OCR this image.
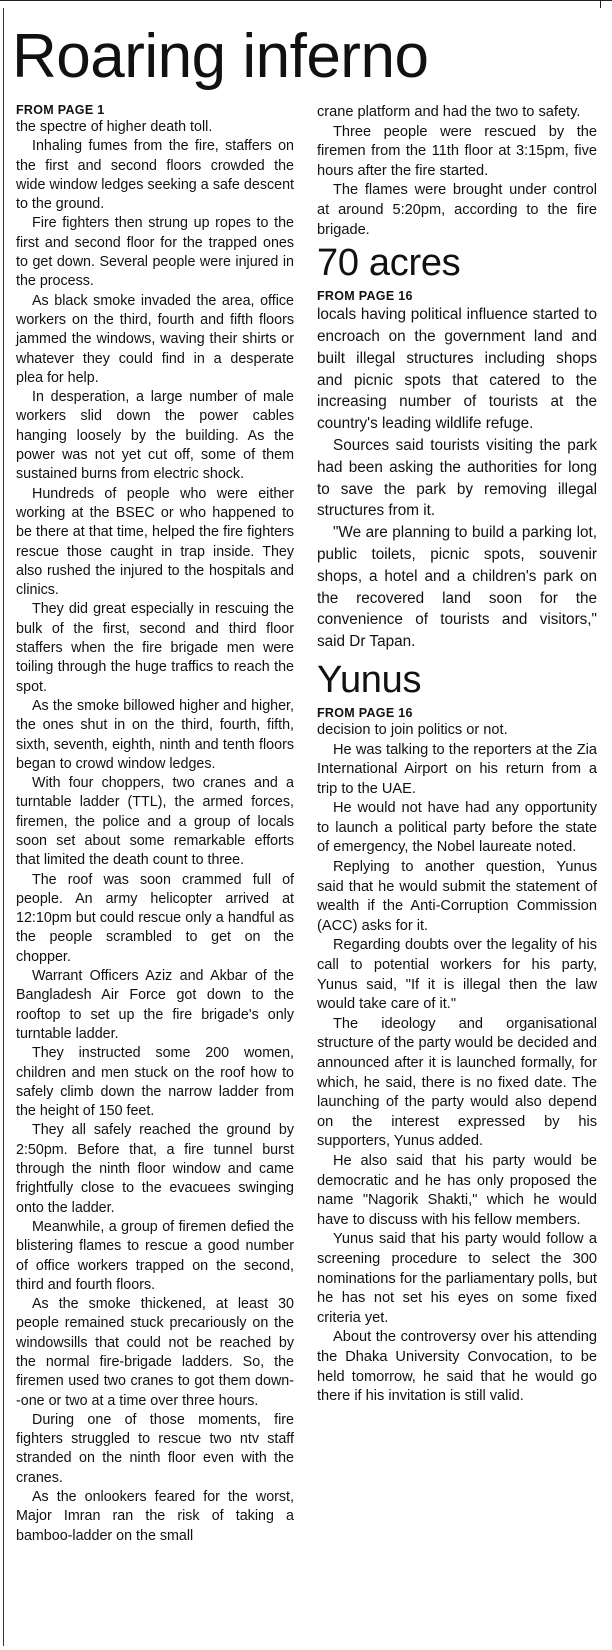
Roaring inferno

FROM PAGE 1

the spectre of higher death toll.

Inhaling fumes from the fire, staffers on the first and second floors crowded the wide window ledges seeking a safe descent to the ground.

Fire fighters then strung up ropes to the first and second floor for the trapped ones to get down. Several people were injured in the process.

As black smoke invaded the area, office workers on the third, fourth and fifth floors jammed the windows, waving their shirts or whatever they could find in a desperate plea for help.

In desperation, a large number of male workers slid down the power cables hanging loosely by the building. As the power was not yet cut off, some of them sustained burns from electric shock.

Hundreds of people who were either working at the BSEC or who happened to be there at that time, helped the fire fighters rescue those caught in trap inside. They also rushed the injured to the hospitals and clinics.

They did great especially in rescuing the bulk of the first, second and third floor staffers when the fire brigade men were toiling through the huge traffics to reach the spot.

As the smoke billowed higher and higher, the ones shut in on the third, fourth, fifth, sixth, seventh, eighth, ninth and tenth floors began to crowd window ledges.

With four choppers, two cranes and a turntable ladder (TTL), the armed forces, firemen, the police and a group of locals soon set about some remarkable efforts that limited the death count to three.

The roof was soon crammed full of people. An army helicopter arrived at 12:10pm but could rescue only a handful as the people scrambled to get on the chopper.

Warrant Officers Aziz and Akbar of the Bangladesh Air Force got down to the rooftop to set up the fire brigade's only turntable ladder.

They instructed some 200 women, children and men stuck on the roof how to safely climb down the narrow ladder from the height of 150 feet.

They all safely reached the ground by 2:50pm. Before that, a fire tunnel burst through the ninth floor window and came frightfully close to the evacuees swinging onto the ladder.

Meanwhile, a group of firemen defied the blistering flames to rescue a good number of office workers trapped on the second, third and fourth floors.

As the smoke thickened, at least 30 people remained stuck precariously on the windowsills that could not be reached by the normal fire-brigade ladders. So, the firemen used two cranes to got them down--one or two at a time over three hours.

During one of those moments, fire fighters struggled to rescue two ntv staff stranded on the ninth floor even with the cranes.

As the onlookers feared for the worst, Major Imran ran the risk of taking a bamboo-ladder on the small

crane platform and had the two to safety.

Three people were rescued by the firemen from the 11th floor at 3:15pm, five hours after the fire started.

The flames were brought under control at around 5:20pm, according to the fire brigade.

70 acres

FROM PAGE 16

locals having political influence started to encroach on the government land and built illegal structures including shops and picnic spots that catered to the increasing number of tourists at the country's leading wildlife refuge.

Sources said tourists visiting the park had been asking the authorities for long to save the park by removing illegal structures from it.

"We are planning to build a parking lot, public toilets, picnic spots, souvenir shops, a hotel and a children's park on the recovered land soon for the convenience of tourists and visitors," said Dr Tapan.

Yunus

FROM PAGE 16

decision to join politics or not.

He was talking to the reporters at the Zia International Airport on his return from a trip to the UAE.

He would not have had any opportunity to launch a political party before the state of emergency, the Nobel laureate noted.

Replying to another question, Yunus said that he would submit the statement of wealth if the Anti-Corruption Commission (ACC) asks for it.

Regarding doubts over the legality of his call to potential workers for his party, Yunus said, "If it is illegal then the law would take care of it."

The ideology and organisational structure of the party would be decided and announced after it is launched formally, for which, he said, there is no fixed date. The launching of the party would also depend on the interest expressed by his supporters, Yunus added.

He also said that his party would be democratic and he has only proposed the name "Nagorik Shakti," which he would have to discuss with his fellow members.

Yunus said that his party would follow a screening procedure to select the 300 nominations for the parliamentary polls, but he has not set his eyes on some fixed criteria yet.

About the controversy over his attending the Dhaka University Convocation, to be held tomorrow, he said that he would go there if his invitation is still valid.
